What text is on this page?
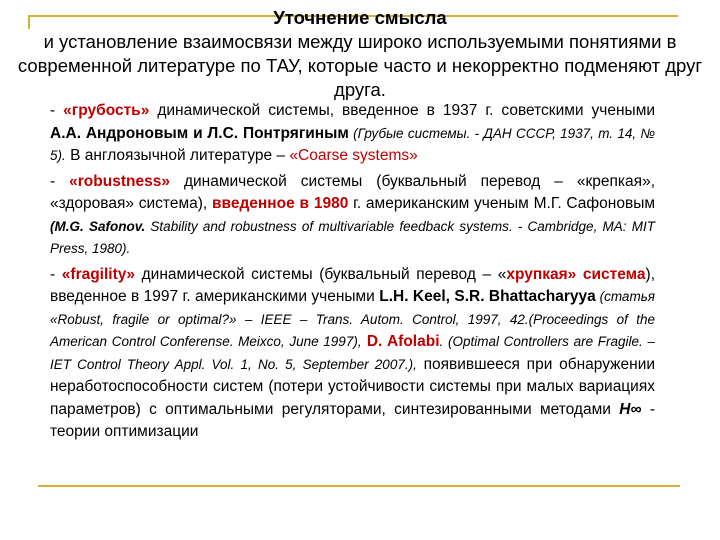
Уточнение смысла
и установление взаимосвязи между широко используемыми понятиями в современной литературе по ТАУ, которые часто и некорректно подменяют друг друга.

- «грубость» динамической системы, введенное в 1937 г. советскими учеными А.А. Андроновым и Л.С. Понтрягиным (Грубые системы. - ДАН СССР, 1937, т. 14, № 5). В англоязычной литературе – «Coarse systems»

- «robustness» динамической системы (буквальный перевод – «крепкая», «здоровая» система), введенное в 1980 г. американским ученым М.Г. Сафоновым (M.G. Safonov. Stability and robustness of multivariable feedback systems. - Cambridge, MA: MIT Press, 1980).

- «fragility» динамической системы (буквальный перевод – «хрупкая» система), введенное в 1997 г. американскими учеными L.H. Keel, S.R. Bhattacharyya (статья «Robust, fragile or optimal?» – IEEE – Trans. Autom. Control, 1997, 42.(Proceedings of the American Control Conferense. Meixco, June 1997), D. Afolabi. (Optimal Controllers are Fragile. – IET Control Theory Appl. Vol. 1, No. 5, September 2007.), появившееся при обнаружении неработоспособности систем (потери устойчивости системы при малых вариациях параметров) с оптимальными регуляторами, синтезированными методами H∞ - теории оптимизации
